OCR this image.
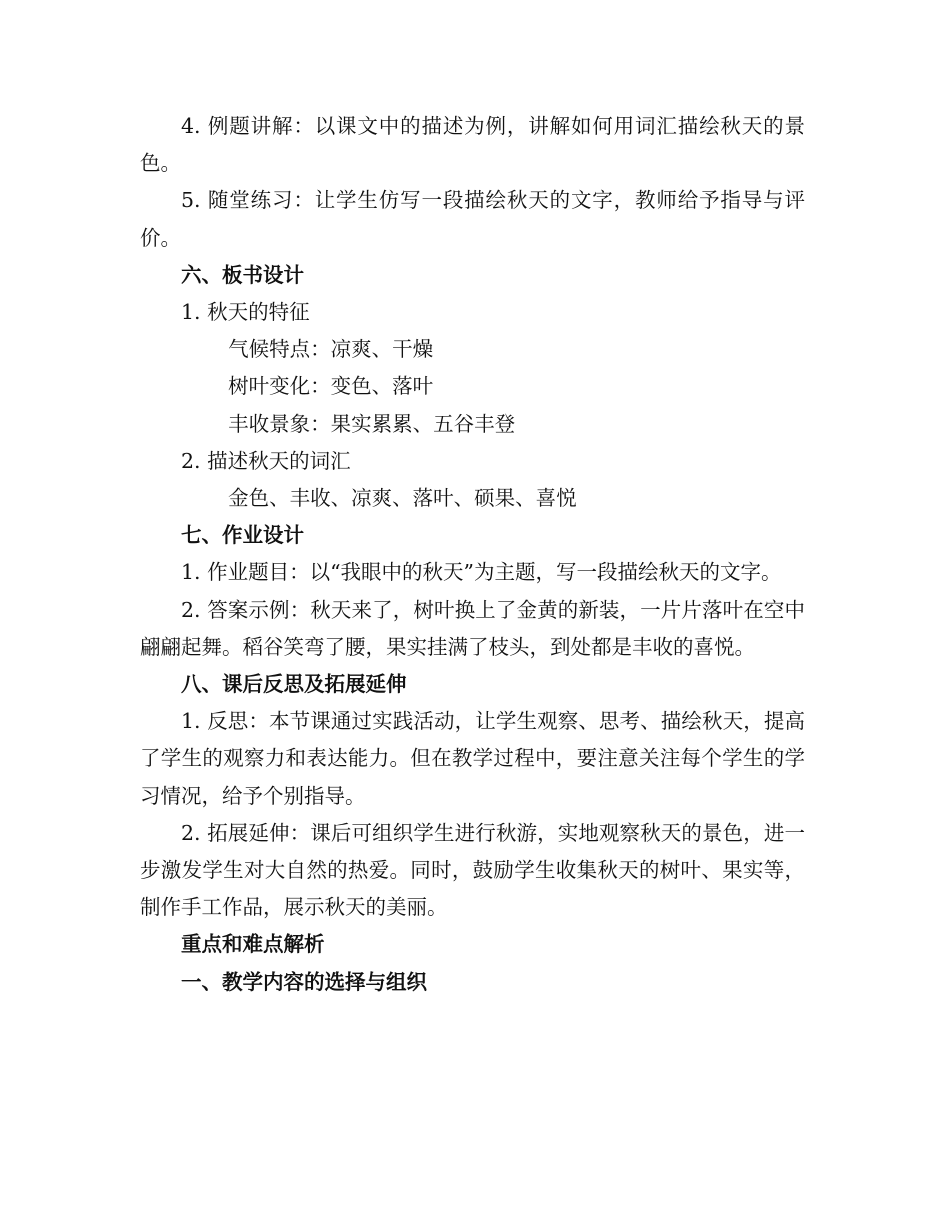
4. 例题讲解：以课文中的描述为例，讲解如何用词汇描绘秋天的景色。

5. 随堂练习：让学生仿写一段描绘秋天的文字，教师给予指导与评价。

六、板书设计

1. 秋天的特征

气候特点：凉爽、干燥

树叶变化：变色、落叶

丰收景象：果实累累、五谷丰登

2. 描述秋天的词汇

金色、丰收、凉爽、落叶、硕果、喜悦

七、作业设计

1. 作业题目：以“我眼中的秋天”为主题，写一段描绘秋天的文字。

2. 答案示例：秋天来了，树叶换上了金黄的新装，一片片落叶在空中翩翩起舞。稻谷笑弯了腰，果实挂满了枝头，到处都是丰收的喜悦。

八、课后反思及拓展延伸

1. 反思：本节课通过实践活动，让学生观察、思考、描绘秋天，提高了学生的观察力和表达能力。但在教学过程中，要注意关注每个学生的学习情况，给予个别指导。

2. 拓展延伸：课后可组织学生进行秋游，实地观察秋天的景色，进一步激发学生对大自然的热爱。同时，鼓励学生收集秋天的树叶、果实等，制作手工作品，展示秋天的美丽。

重点和难点解析

一、教学内容的选择与组织
